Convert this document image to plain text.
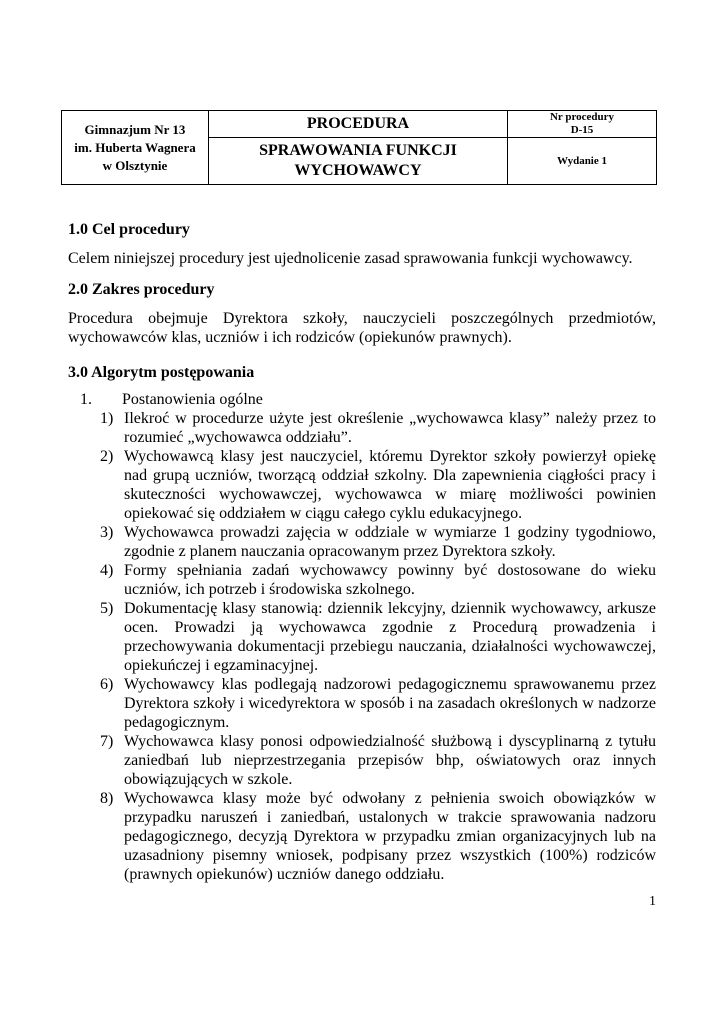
Gimnazjum Nr 13
im. Huberta Wagnera
w Olsztynie
PROCEDURA
SPRAWOWANIA FUNKCJI
WYCHOWAWCY
Nr procedury
D-15
Wydanie 1
1.0 Cel procedury

Celem niniejszej procedury jest ujednolicenie zasad sprawowania funkcji wychowawcy.

2.0 Zakres procedury

Procedura obejmuje Dyrektora szkoły, nauczycieli poszczególnych przedmiotów, wychowawców klas, uczniów i ich rodziców (opiekunów prawnych).

3.0 Algorytm postępowania
1.	Postanowienia ogólne
1) Ilekroć w procedurze użyte jest określenie „wychowawca klasy” należy przez to rozumieć „wychowawca oddziału”.
2) Wychowawcą klasy jest nauczyciel, któremu Dyrektor szkoły powierzył opiekę nad grupą uczniów, tworzącą oddział szkolny. Dla zapewnienia ciągłości pracy i skuteczności wychowawczej, wychowawca w miarę możliwości powinien opiekować się oddziałem w ciągu całego cyklu edukacyjnego.
3) Wychowawca prowadzi zajęcia w oddziale w wymiarze 1 godziny tygodniowo, zgodnie z planem nauczania opracowanym przez Dyrektora szkoły.
4) Formy spełniania zadań wychowawcy powinny być dostosowane do wieku uczniów, ich potrzeb i środowiska szkolnego.
5) Dokumentację klasy stanowią: dziennik lekcyjny, dziennik wychowawcy, arkusze ocen. Prowadzi ją wychowawca zgodnie z Procedurą prowadzenia i przechowywania dokumentacji przebiegu nauczania, działalności wychowawczej, opiekuńczej i egzaminacyjnej.
6) Wychowawcy klas podlegają nadzorowi pedagogicznemu sprawowanemu przez Dyrektora szkoły i wicedyrektora w sposób i na zasadach określonych w nadzorze pedagogicznym.
7) Wychowawca klasy ponosi odpowiedzialność służbową i dyscyplinarną z tytułu zaniedbań lub nieprzestrzegania przepisów bhp, oświatowych oraz innych obowiązujących w szkole.
8) Wychowawca klasy może być odwołany z pełnienia swoich obowiązków w przypadku naruszeń i zaniedbań, ustalonych w trakcie sprawowania nadzoru pedagogicznego, decyzją Dyrektora w przypadku zmian organizacyjnych lub na uzasadniony pisemny wniosek, podpisany przez wszystkich (100%) rodziców (prawnych opiekunów) uczniów danego oddziału.
1
